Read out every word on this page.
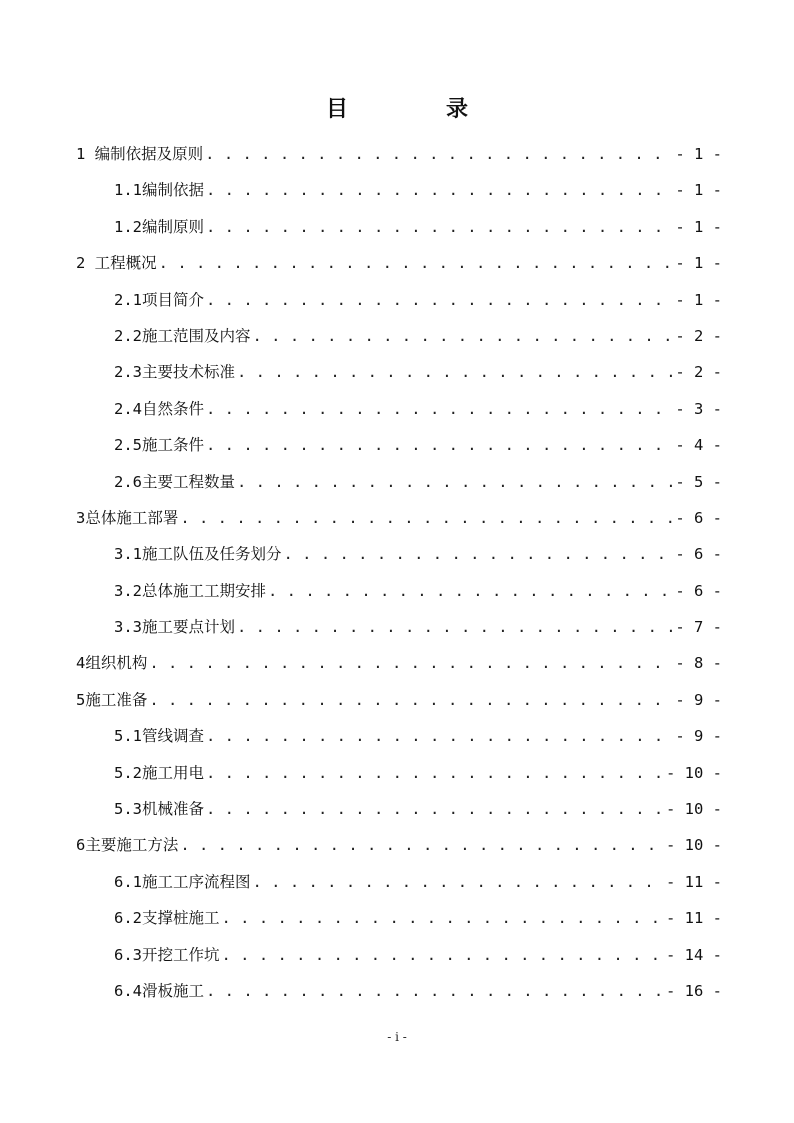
目　录
1 编制依据及原则 . . .	- 1 -
1.1编制依据 . . .	- 1 -
1.2编制原则 . . .	- 1 -
2 工程概况 . . .	- 1 -
2.1项目简介 . . .	- 1 -
2.2施工范围及内容 . . .	- 2 -
2.3主要技术标准 . . .	- 2 -
2.4自然条件 . . .	- 3 -
2.5施工条件 . . .	- 4 -
2.6主要工程数量 . . .	- 5 -
3总体施工部署 . . .	- 6 -
3.1施工队伍及任务划分 . . .	- 6 -
3.2总体施工工期安排 . . .	- 6 -
3.3施工要点计划 . . .	- 7 -
4组织机构 . . .	- 8 -
5施工准备 . . .	- 9 -
5.1管线调查 . . .	- 9 -
5.2施工用电 . . .	- 10 -
5.3机械准备 . . .	- 10 -
6主要施工方法 . . .	- 10 -
6.1施工工序流程图 . . .	- 11 -
6.2支撑桩施工 . . .	- 11 -
6.3开挖工作坑 . . .	- 14 -
6.4滑板施工 . . .	- 16 -
- i -
